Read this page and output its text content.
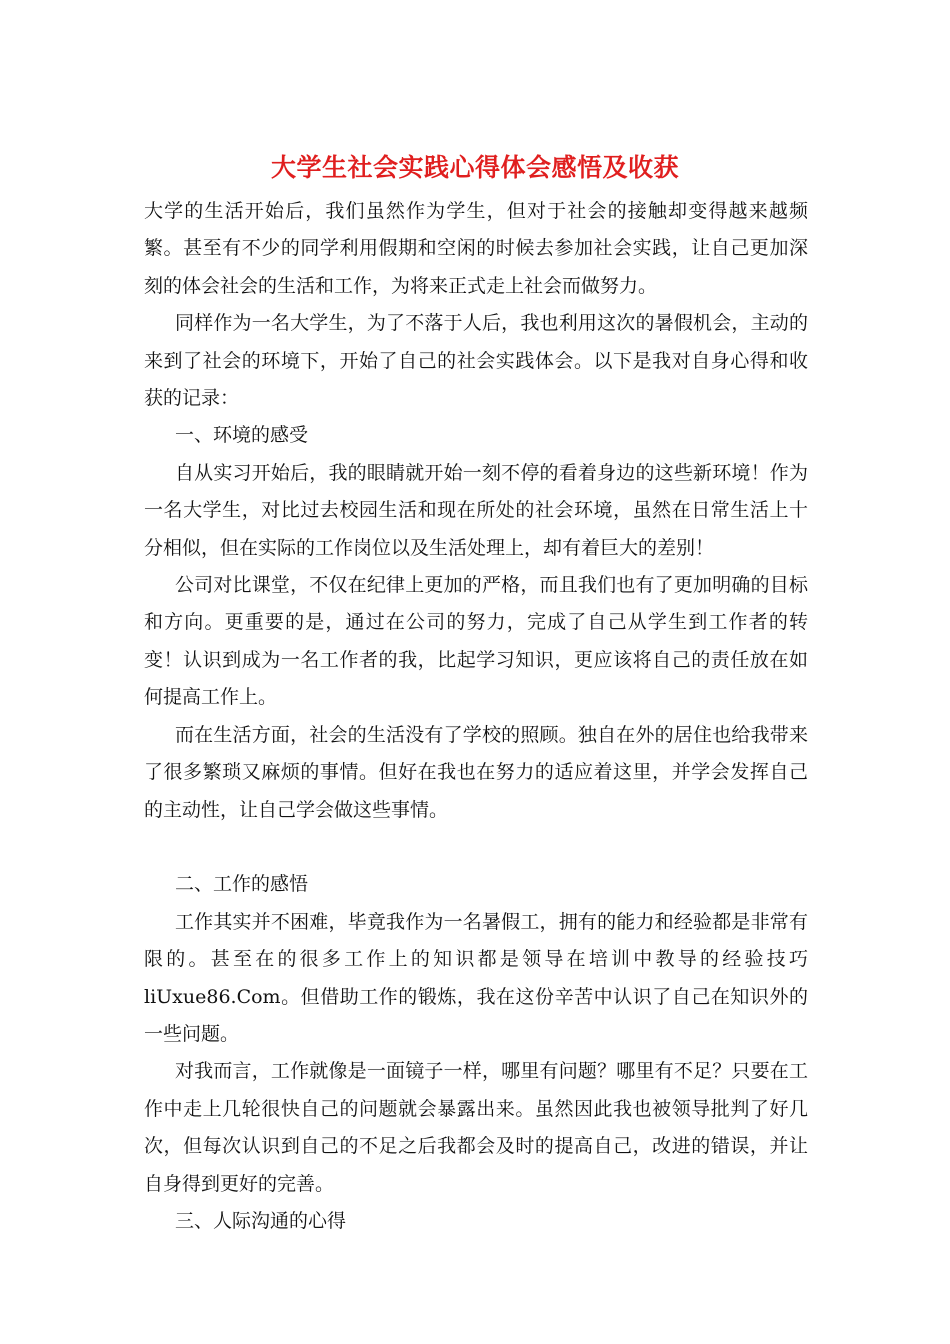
大学生社会实践心得体会感悟及收获

大学的生活开始后，我们虽然作为学生，但对于社会的接触却变得越来越频繁。甚至有不少的同学利用假期和空闲的时候去参加社会实践，让自己更加深刻的体会社会的生活和工作，为将来正式走上社会而做努力。

同样作为一名大学生，为了不落于人后，我也利用这次的暑假机会，主动的来到了社会的环境下，开始了自己的社会实践体会。以下是我对自身心得和收获的记录：

一、环境的感受

自从实习开始后，我的眼睛就开始一刻不停的看着身边的这些新环境！作为一名大学生，对比过去校园生活和现在所处的社会环境，虽然在日常生活上十分相似，但在实际的工作岗位以及生活处理上，却有着巨大的差别！

公司对比课堂，不仅在纪律上更加的严格，而且我们也有了更加明确的目标和方向。更重要的是，通过在公司的努力，完成了自己从学生到工作者的转变！认识到成为一名工作者的我，比起学习知识，更应该将自己的责任放在如何提高工作上。

而在生活方面，社会的生活没有了学校的照顾。独自在外的居住也给我带来了很多繁琐又麻烦的事情。但好在我也在努力的适应着这里，并学会发挥自己的主动性，让自己学会做这些事情。

二、工作的感悟

工作其实并不困难，毕竟我作为一名暑假工，拥有的能力和经验都是非常有限的。甚至在的很多工作上的知识都是领导在培训中教导的经验技巧liUxue86.Com。但借助工作的锻炼，我在这份辛苦中认识了自己在知识外的一些问题。

对我而言，工作就像是一面镜子一样，哪里有问题？哪里有不足？只要在工作中走上几轮很快自己的问题就会暴露出来。虽然因此我也被领导批判了好几次，但每次认识到自己的不足之后我都会及时的提高自己，改进的错误，并让自身得到更好的完善。

三、人际沟通的心得
